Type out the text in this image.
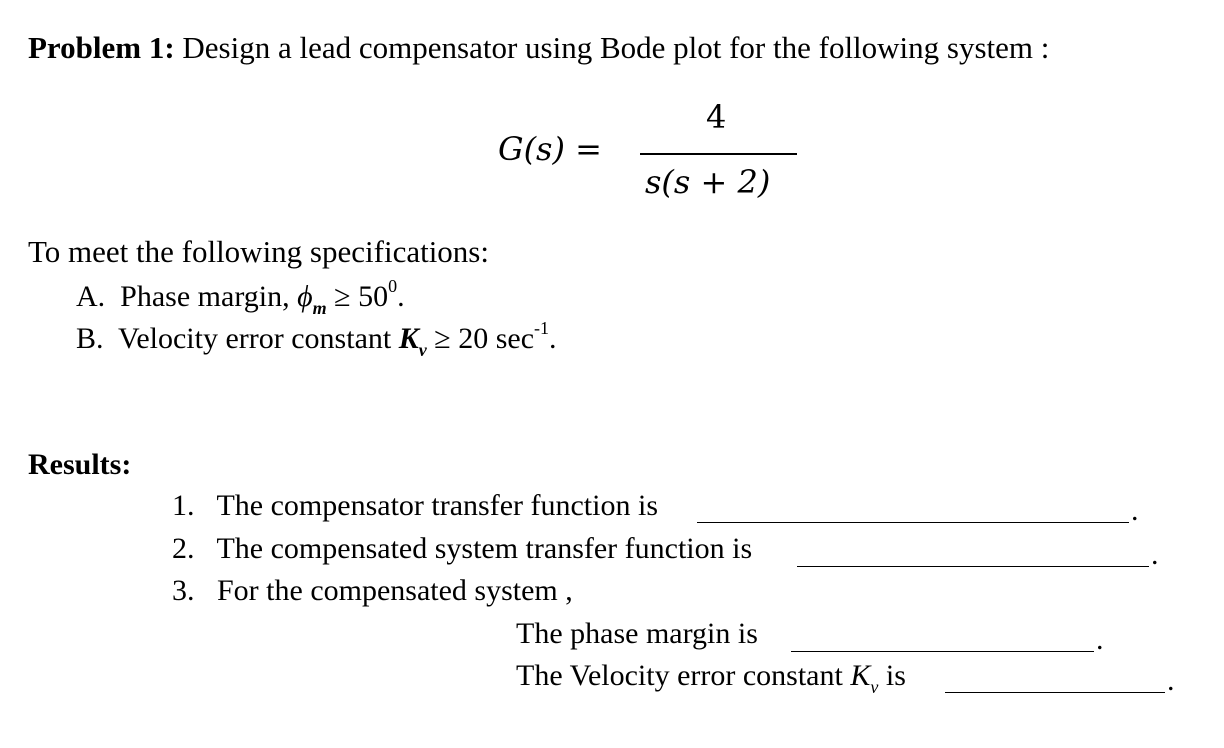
Problem 1: Design a lead compensator using Bode plot for the following system :
G(s) =
4
s(s + 2)
To meet the following specifications:
A. Phase margin, $\phi_m \ge 50^0$.
B. Velocity error constant $K_v \ge 20$ $\sec^{-1}$.
Results:
1. The compensator transfer function is	.
2. The compensated system transfer function is	.
3. For the compensated system ,
The phase margin is	.
The Velocity error constant $K_v$ is	.
